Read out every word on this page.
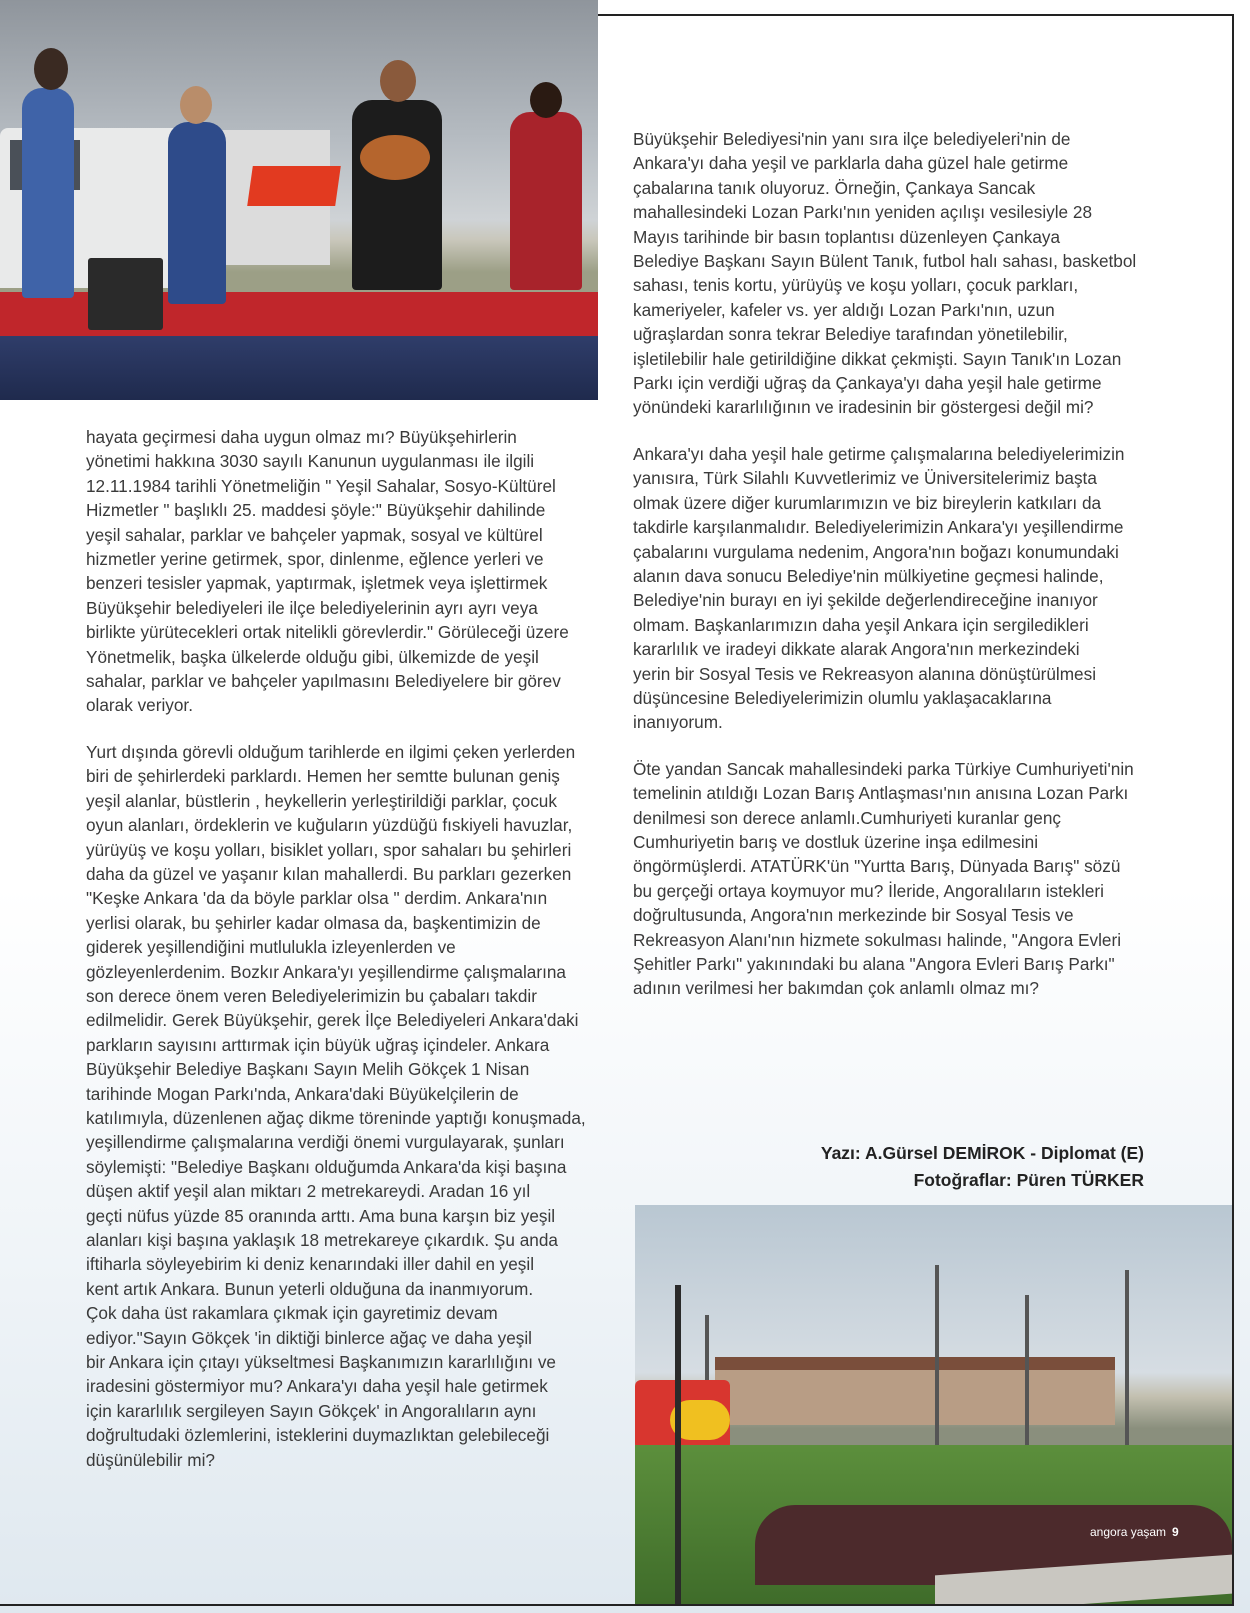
hayata geçirmesi daha uygun olmaz mı? Büyükşehirlerin
yönetimi hakkına 3030 sayılı Kanunun uygulanması ile ilgili
12.11.1984 tarihli Yönetmeliğin " Yeşil Sahalar, Sosyo-Kültürel
Hizmetler " başlıklı 25. maddesi şöyle:" Büyükşehir dahilinde
yeşil sahalar, parklar ve bahçeler yapmak, sosyal ve kültürel
hizmetler yerine getirmek, spor, dinlenme, eğlence yerleri ve
benzeri tesisler yapmak, yaptırmak, işletmek veya işlettirmek
Büyükşehir belediyeleri ile ilçe belediyelerinin ayrı ayrı veya
birlikte yürütecekleri ortak nitelikli görevlerdir." Görüleceği üzere
Yönetmelik, başka ülkelerde olduğu gibi, ülkemizde de yeşil
sahalar, parklar ve bahçeler yapılmasını Belediyelere bir görev
olarak veriyor.

Yurt dışında görevli olduğum tarihlerde en ilgimi çeken yerlerden
biri de şehirlerdeki parklardı. Hemen her semtte bulunan geniş
yeşil alanlar, büstlerin , heykellerin yerleştirildiği parklar, çocuk
oyun alanları, ördeklerin ve kuğuların yüzdüğü fıskiyeli havuzlar,
yürüyüş ve koşu yolları, bisiklet yolları, spor sahaları bu şehirleri
daha da güzel ve yaşanır kılan mahallerdi. Bu parkları gezerken
"Keşke Ankara 'da da böyle parklar olsa " derdim. Ankara'nın
yerlisi olarak, bu şehirler kadar olmasa da, başkentimizin de
giderek yeşillendiğini mutlulukla izleyenlerden ve
gözleyenlerdenim. Bozkır Ankara'yı yeşillendirme çalışmalarına
son derece önem veren Belediyelerimizin bu çabaları takdir
edilmelidir. Gerek Büyükşehir, gerek İlçe Belediyeleri Ankara'daki
parkların sayısını arttırmak için büyük uğraş içindeler. Ankara
Büyükşehir Belediye Başkanı Sayın Melih Gökçek 1 Nisan
tarihinde Mogan Parkı'nda, Ankara'daki Büyükelçilerin de
katılımıyla, düzenlenen ağaç dikme töreninde yaptığı konuşmada,
yeşillendirme çalışmalarına verdiği önemi vurgulayarak, şunları
söylemişti: "Belediye Başkanı olduğumda Ankara'da kişi başına
düşen aktif yeşil alan miktarı 2 metrekareydi. Aradan 16 yıl
geçti nüfus yüzde 85 oranında arttı. Ama buna karşın biz yeşil
alanları kişi başına yaklaşık 18 metrekareye çıkardık. Şu anda
iftiharla söyleyebirim ki deniz kenarındaki iller dahil en yeşil
kent artık Ankara. Bunun yeterli olduğuna da inanmıyorum.
Çok daha üst rakamlara çıkmak için gayretimiz devam
ediyor."Sayın Gökçek 'in diktiği binlerce ağaç ve daha yeşil
bir Ankara için çıtayı yükseltmesi Başkanımızın kararlılığını ve
iradesini göstermiyor mu? Ankara'yı daha yeşil hale getirmek
için kararlılık sergileyen Sayın Gökçek' in Angoralıların aynı
doğrultudaki özlemlerini, isteklerini duymazlıktan gelebileceği
düşünülebilir mi?

Büyükşehir Belediyesi'nin yanı sıra ilçe belediyeleri'nin de
Ankara'yı daha yeşil ve parklarla daha güzel hale getirme
çabalarına tanık oluyoruz. Örneğin, Çankaya Sancak
mahallesindeki Lozan Parkı'nın yeniden açılışı vesilesiyle 28
Mayıs tarihinde bir basın toplantısı düzenleyen Çankaya
Belediye Başkanı Sayın Bülent Tanık, futbol halı sahası, basketbol
sahası, tenis kortu, yürüyüş ve koşu yolları, çocuk parkları,
kameriyeler, kafeler vs. yer aldığı Lozan Parkı'nın, uzun
uğraşlardan sonra tekrar Belediye tarafından yönetilebilir,
işletilebilir hale getirildiğine dikkat çekmişti. Sayın Tanık'ın Lozan
Parkı için verdiği uğraş da Çankaya'yı daha yeşil hale getirme
yönündeki kararlılığının ve iradesinin bir göstergesi değil mi?

Ankara'yı daha yeşil hale getirme çalışmalarına belediyelerimizin
yanısıra, Türk Silahlı Kuvvetlerimiz ve Üniversitelerimiz başta
olmak üzere diğer kurumlarımızın ve biz bireylerin katkıları da
takdirle karşılanmalıdır. Belediyelerimizin Ankara'yı yeşillendirme
çabalarını vurgulama nedenim, Angora'nın boğazı konumundaki
alanın dava sonucu Belediye'nin mülkiyetine geçmesi halinde,
Belediye'nin burayı en iyi şekilde değerlendireceğine inanıyor
olmam. Başkanlarımızın daha yeşil Ankara için sergiledikleri
kararlılık ve iradeyi dikkate alarak Angora'nın merkezindeki
yerin bir Sosyal Tesis ve Rekreasyon alanına dönüştürülmesi
düşüncesine Belediyelerimizin olumlu yaklaşacaklarına
inanıyorum.

Öte yandan Sancak mahallesindeki parka Türkiye Cumhuriyeti'nin
temelinin atıldığı Lozan Barış Antlaşması'nın anısına Lozan Parkı
denilmesi son derece anlamlı.Cumhuriyeti kuranlar genç
Cumhuriyetin barış ve dostluk üzerine inşa edilmesini
öngörmüşlerdi. ATATÜRK'ün "Yurtta Barış, Dünyada Barış" sözü
bu gerçeği ortaya koymuyor mu? İleride, Angoralıların istekleri
doğrultusunda, Angora'nın merkezinde bir Sosyal Tesis ve
Rekreasyon Alanı'nın hizmete sokulması halinde, "Angora Evleri
Şehitler Parkı" yakınındaki bu alana "Angora Evleri Barış Parkı"
adının verilmesi her bakımdan çok anlamlı olmaz mı?

Yazı: A.Gürsel DEMİROK - Diplomat (E)
Fotoğraflar: Püren TÜRKER
angora yaşam 9
